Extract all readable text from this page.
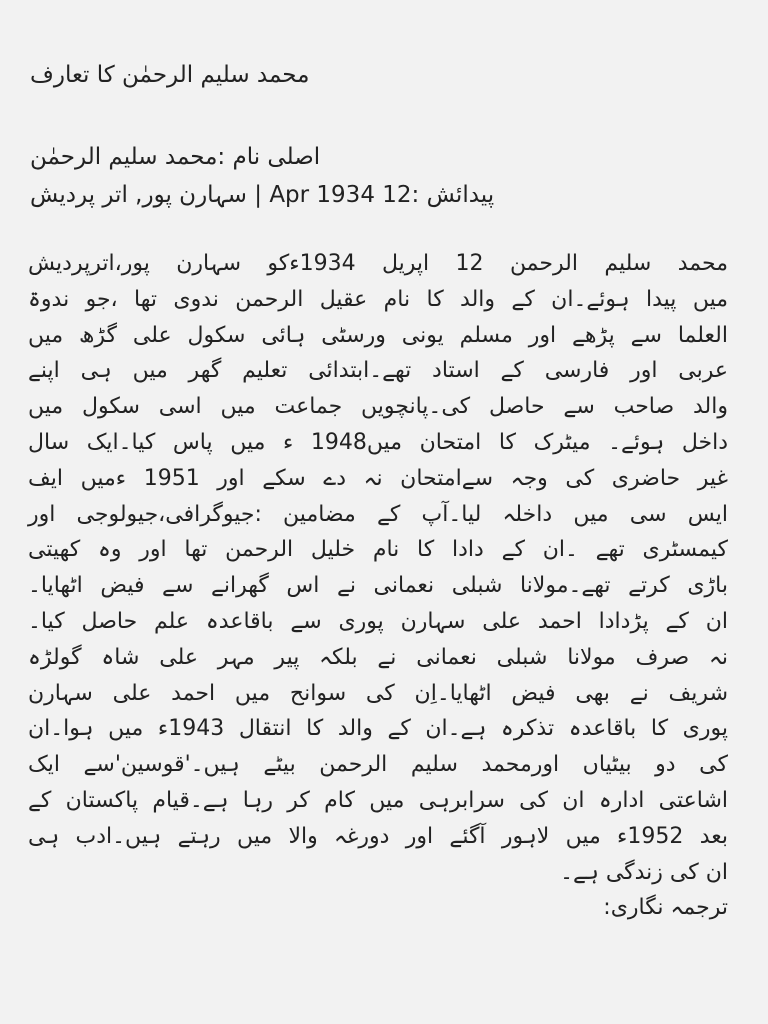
محمد سلیم الرحمٰن کا تعارف

اصلی نام :محمد سلیم الرحمٰن

پیدائش :12 Apr 1934 | سہارن پور, اتر پردیش

محمد سلیم الرحمن 12 اپریل 1934ءکو سہارن پور،اترپردیش

میں پیدا ہوئے۔ان کے والد کا نام عقیل الرحمن ندوی تھا ،جو ندوۃ

العلما سے پڑھے اور مسلم یونی ورسٹی ہائی سکول علی گڑھ میں

عربی اور فارسی کے استاد تھے۔ابتدائی تعلیم گھر میں ہی اپنے

والد صاحب سے حاصل کی۔پانچویں جماعت میں اسی سکول میں

داخل ہوئے۔ میٹرک کا امتحان میں1948 ء میں پاس کیا۔ایک سال

غیر حاضری کی وجہ سےامتحان نہ دے سکے اور 1951 ءمیں ایف

ایس سی میں داخلہ لیا۔آپ کے مضامین :جیوگرافی،جیولوجی اور

کیمسٹری تھے ۔ان کے دادا کا نام خلیل الرحمن تھا اور وہ کھیتی

باڑی کرتے تھے۔مولانا شبلی نعمانی نے اس گھرانے سے فیض اٹھایا۔

ان کے پڑدادا احمد علی سہارن پوری سے باقاعدہ علم حاصل کیا۔

نہ صرف مولانا شبلی نعمانی نے بلکہ پیر مہر علی شاہ گولڑہ

شریف نے بھی فیض اٹھایا۔اِن کی سوانح میں احمد علی سہارن

پوری کا باقاعدہ تذکرہ ہے۔ان کے والد کا انتقال 1943ء میں ہوا۔ان

کی دو بیٹیاں اورمحمد سلیم الرحمن بیٹے ہیں۔'قوسین'سے ایک

اشاعتی ادارہ ان کی سرابرہی میں کام کر رہا ہے۔قیام پاکستان کے

بعد 1952ء میں لاہور آگئے اور دورغہ والا میں رہتے ہیں۔ادب ہی

ان کی زندگی ہے۔

ترجمہ نگاری:
